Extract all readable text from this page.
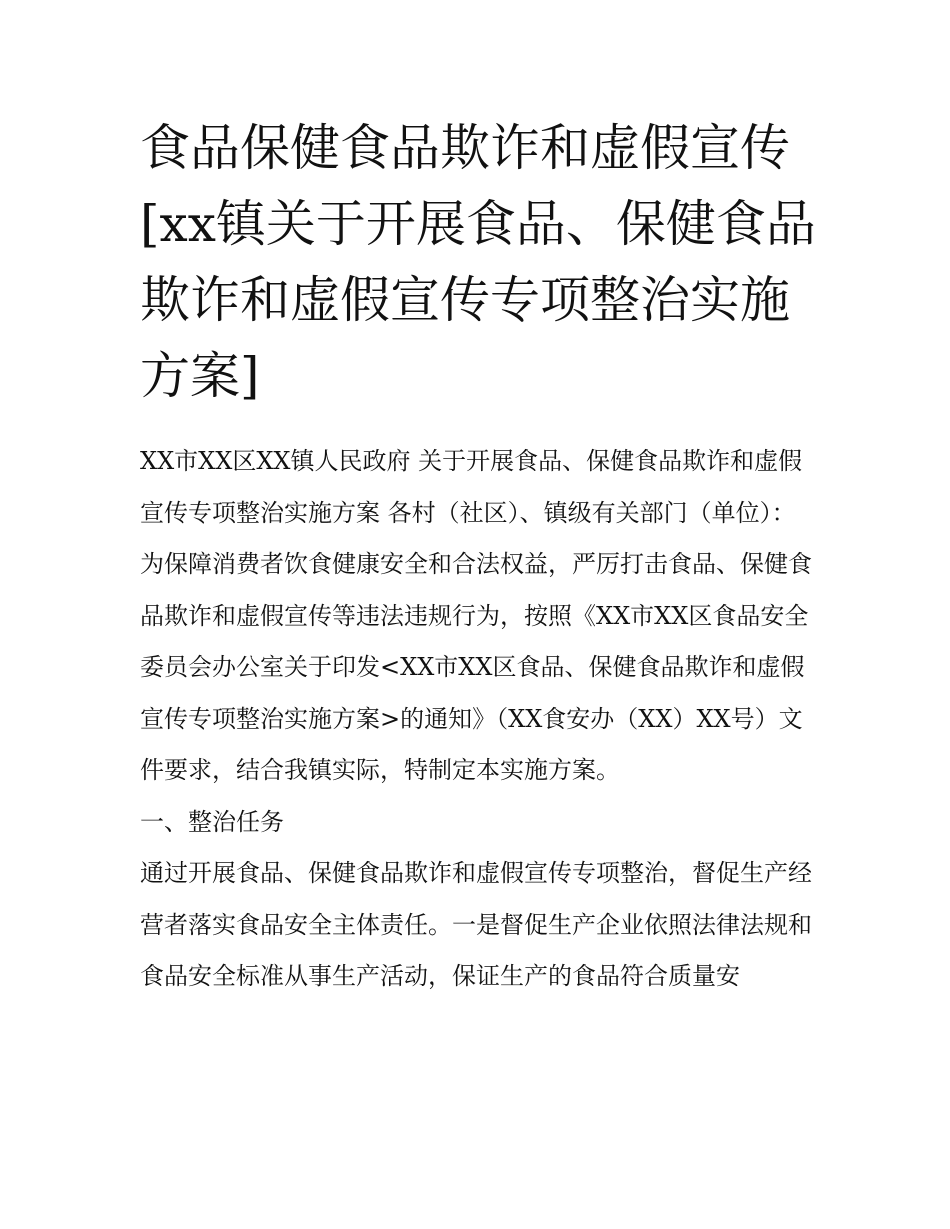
食品保健食品欺诈和虚假宣传[xx镇关于开展食品、保健食品欺诈和虚假宣传专项整治实施方案]

XX市XX区XX镇人民政府 关于开展食品、保健食品欺诈和虚假 宣传专项整治实施方案 各村（社区）、镇级有关部门（单位）：

为保障消费者饮食健康安全和合法权益，严厉打击食品、保健食品欺诈和虚假宣传等违法违规行为，按照《XX市XX区食品安全委员会办公室关于印发<XX市XX区食品、保健食品欺诈和虚假宣传专项整治实施方案>的通知》（XX食安办（XX）XX号）文件要求，结合我镇实际，特制定本实施方案。

一、整治任务

通过开展食品、保健食品欺诈和虚假宣传专项整治，督促生产经营者落实食品安全主体责任。一是督促生产企业依照法律法规和食品安全标准从事生产活动，保证生产的食品符合质量安
